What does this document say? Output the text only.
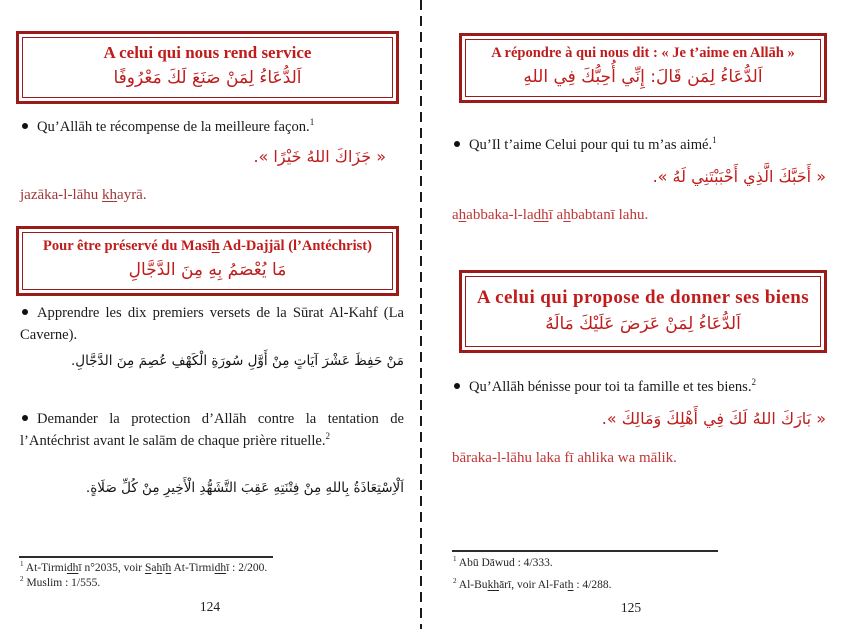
A celui qui nous rend service
اَلدُّعَاءُ لِمَنْ صَنَعَ لَكَ مَعْرُوفًا

Qu’Allāh te récompense de la meilleure façon.$^1$

« جَزَاكَ اللهُ خَيْرًا ».

jazāka-l-lāhu khayrā.

Pour être préservé du Masīh Ad-Dajjāl (l’Antéchrist)
مَا يُعْصَمُ بِهِ مِنَ الدَّجَّالِ

Apprendre les dix premiers versets de la Sūrat Al-Kahf (La Caverne).

مَنْ حَفِظَ عَشْرَ آيَاتٍ مِنْ أَوَّلِ سُورَةِ الْكَهْفِ عُصِمَ مِنَ الدَّجَّالِ.

Demander la protection d’Allāh contre la tentation de l’Antéchrist avant le salām de chaque prière rituelle.$^2$

اَلْاِسْتِعَاذَةُ بِاللهِ مِنْ فِتْنَتِهِ عَقِبَ التَّشَهُّدِ الْأَخِيرِ مِنْ كُلِّ صَلَاةٍ.

$^1$ At-Tirmidhī n°2035, voir Sahīh At-Tirmidhī : 2/200.

$^2$ Muslim : 1/555.

124
A répondre à qui nous dit : « Je t’aime en Allāh »
اَلدُّعَاءُ لِمَن قَالَ: إِنِّي أُحِبُّكَ فِي اللهِ

Qu’Il t’aime Celui pour qui tu m’as aimé.$^1$

« أَحَبَّكَ الَّذِي أَحْبَبْتَنِي لَهُ ».

ahabbaka-l-ladhī ahbabtanī lahu.

A celui qui propose de donner ses biens
اَلدُّعَاءُ لِمَنْ عَرَضَ عَلَيْكَ مَالَهُ

Qu’Allāh bénisse pour toi ta famille et tes biens.$^2$

« بَارَكَ اللهُ لَكَ فِي أَهْلِكَ وَمَالِكَ ».

bāraka-l-lāhu laka fī ahlika wa mālik.

$^1$ Abū Dāwud : 4/333.

$^2$ Al-Bukhārī, voir Al-Fath : 4/288.

125
